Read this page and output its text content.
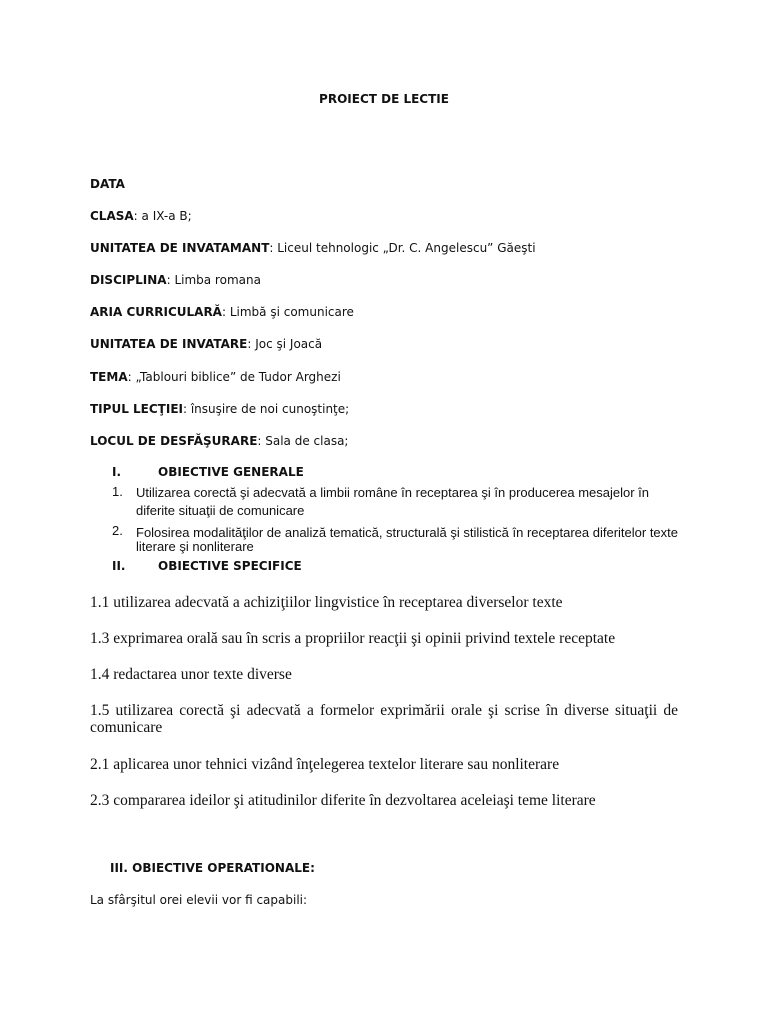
PROIECT DE LECTIE
DATA
CLASA: a IX-a B;
UNITATEA DE INVATAMANT: Liceul tehnologic „Dr. C. Angelescu” Găeşti
DISCIPLINA: Limba romana
ARIA CURRICULARĂ: Limbă şi comunicare
UNITATEA DE INVATARE: Joc şi Joacă
TEMA: „Tablouri biblice” de Tudor Arghezi
TIPUL LECŢIEI: însuşire de noi cunoştinţe;
LOCUL DE DESFĂŞURARE: Sala de clasa;
I.	OBIECTIVE GENERALE
1. Utilizarea corectă şi adecvată a limbii române în receptarea şi în producerea mesajelor în diferite situaţii de comunicare
2. Folosirea modalităţilor de analiză tematică, structurală şi stilistică în receptarea diferitelor texte literare şi nonliterare
II.	OBIECTIVE SPECIFICE
1.1 utilizarea adecvată a achiziţiilor lingvistice în receptarea diverselor texte
1.3 exprimarea orală sau în scris a propriilor reacţii şi opinii privind textele receptate
1.4 redactarea unor texte diverse
1.5 utilizarea corectă şi adecvată a formelor exprimării orale şi scrise în diverse situaţii de comunicare
2.1 aplicarea unor tehnici vizând înţelegerea textelor literare sau nonliterare
2.3 compararea ideilor şi atitudinilor diferite în dezvoltarea aceleiaşi teme literare
III. OBIECTIVE OPERATIONALE:
La sfârşitul orei elevii vor fi capabili:
